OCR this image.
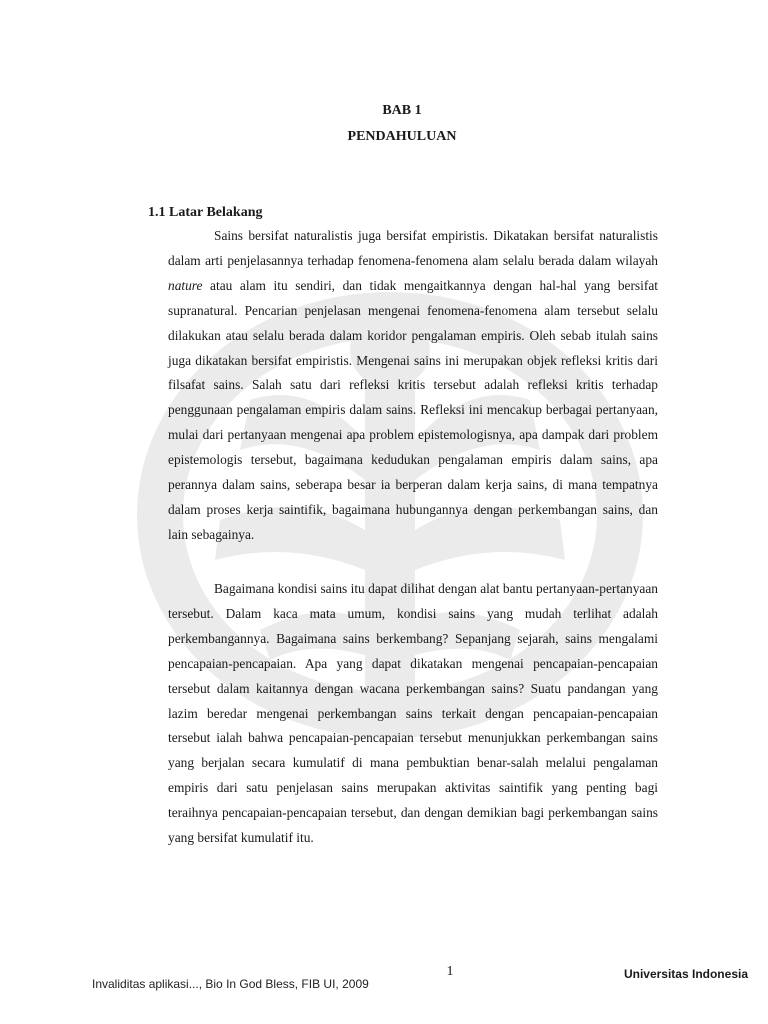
BAB 1
PENDAHULUAN
1.1 Latar Belakang

Sains bersifat naturalistis juga bersifat empiristis. Dikatakan bersifat naturalistis dalam arti penjelasannya terhadap fenomena-fenomena alam selalu berada dalam wilayah nature atau alam itu sendiri, dan tidak mengaitkannya dengan hal-hal yang bersifat supranatural. Pencarian penjelasan mengenai fenomena-fenomena alam tersebut selalu dilakukan atau selalu berada dalam koridor pengalaman empiris. Oleh sebab itulah sains juga dikatakan bersifat empiristis. Mengenai sains ini merupakan objek refleksi kritis dari filsafat sains. Salah satu dari refleksi kritis tersebut adalah refleksi kritis terhadap penggunaan pengalaman empiris dalam sains. Refleksi ini mencakup berbagai pertanyaan, mulai dari pertanyaan mengenai apa problem epistemologisnya, apa dampak dari problem epistemologis tersebut, bagaimana kedudukan pengalaman empiris dalam sains, apa perannya dalam sains, seberapa besar ia berperan dalam kerja sains, di mana tempatnya dalam proses kerja saintifik, bagaimana hubungannya dengan perkembangan sains, dan lain sebagainya.

Bagaimana kondisi sains itu dapat dilihat dengan alat bantu pertanyaan-pertanyaan tersebut. Dalam kaca mata umum, kondisi sains yang mudah terlihat adalah perkembangannya. Bagaimana sains berkembang? Sepanjang sejarah, sains mengalami pencapaian-pencapaian. Apa yang dapat dikatakan mengenai pencapaian-pencapaian tersebut dalam kaitannya dengan wacana perkembangan sains? Suatu pandangan yang lazim beredar mengenai perkembangan sains terkait dengan pencapaian-pencapaian tersebut ialah bahwa pencapaian-pencapaian tersebut menunjukkan perkembangan sains yang berjalan secara kumulatif di mana pembuktian benar-salah melalui pengalaman empiris dari satu penjelasan sains merupakan aktivitas saintifik yang penting bagi teraihnya pencapaian-pencapaian tersebut, dan dengan demikian bagi perkembangan sains yang bersifat kumulatif itu.

1	Universitas Indonesia
Invaliditas aplikasi..., Bio In God Bless, FIB UI, 2009
